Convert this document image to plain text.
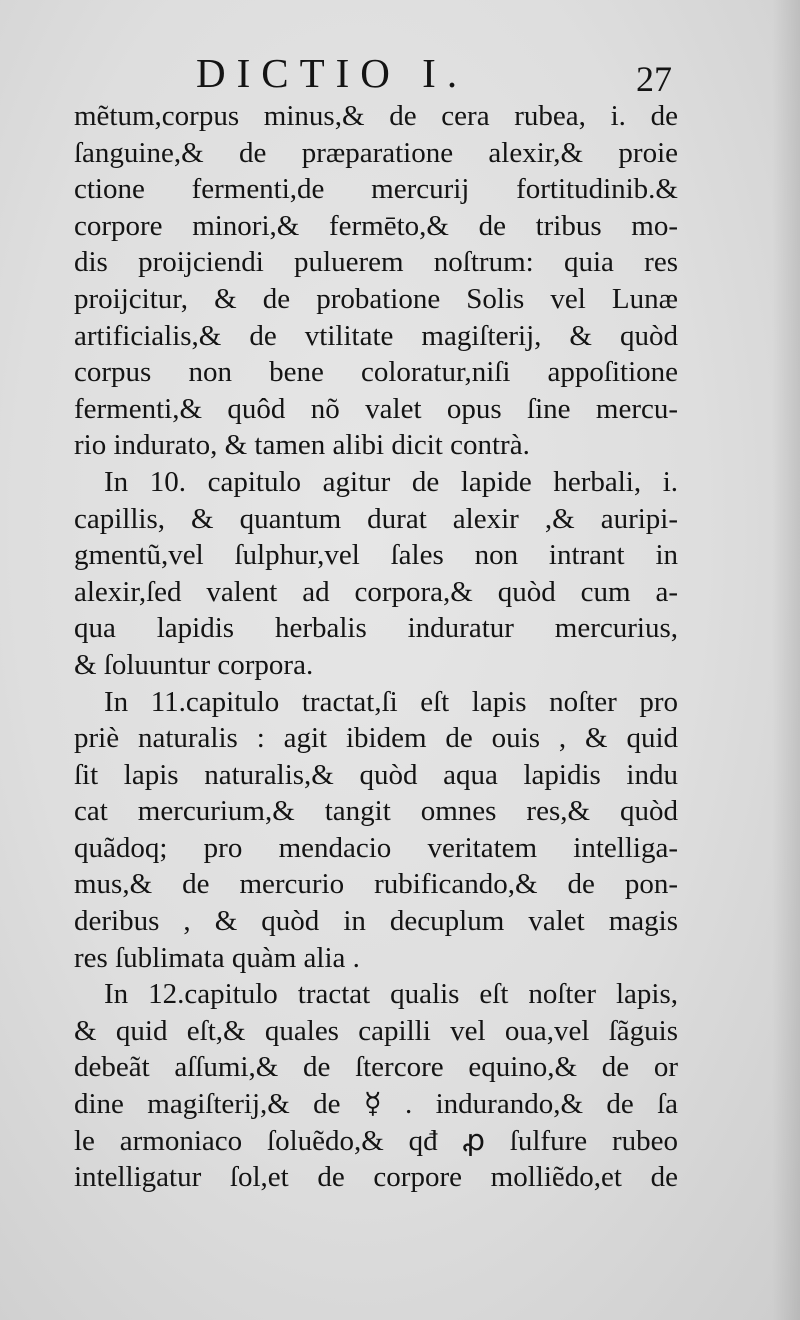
DICTIO I.	27
mẽtum,corpus minus,& de cera rubea, i. de
ſanguine,& de præparatione alexir,& proie
ctione fermenti,de mercurij fortitudinib.&
corpore minori,& fermēto,& de tribus mo-
dis proijciendi puluerem noſtrum: quia res
proijcitur, & de probatione Solis vel Lunæ
artificialis,& de vtilitate magiſterij, & quòd
corpus non bene coloratur,niſi appoſitione
fermenti,& quôd nõ valet opus ſine mercu-
rio indurato, & tamen alibi dicit contrà.
In 10. capitulo agitur de lapide herbali, i.
capillis, & quantum durat alexir ,& auripi-
gmentũ,vel ſulphur,vel ſales non intrant in
alexir,ſed valent ad corpora,& quòd cum a-
qua lapidis herbalis induratur mercurius,
& ſoluuntur corpora.
In 11.capitulo tractat,ſi eſt lapis noſter pro
priè naturalis : agit ibidem de ouis , & quid
ſit lapis naturalis,& quòd aqua lapidis indu
cat mercurium,& tangit omnes res,& quòd
quãdoq; pro mendacio veritatem intelliga-
mus,& de mercurio rubificando,& de pon-
deribus , & quòd in decuplum valet magis
res ſublimata quàm alia .
In 12.capitulo tractat qualis eſt noſter lapis,
& quid eſt,& quales capilli vel oua,vel ſãguis
debeãt aſſumi,& de ſtercore equino,& de or
dine magiſterij,& de ☿ . indurando,& de ſa
le armoniaco ſoluẽdo,& qđ ꝓ ſulfure rubeo
intelligatur ſol,et de corpore molliẽdo,et de
